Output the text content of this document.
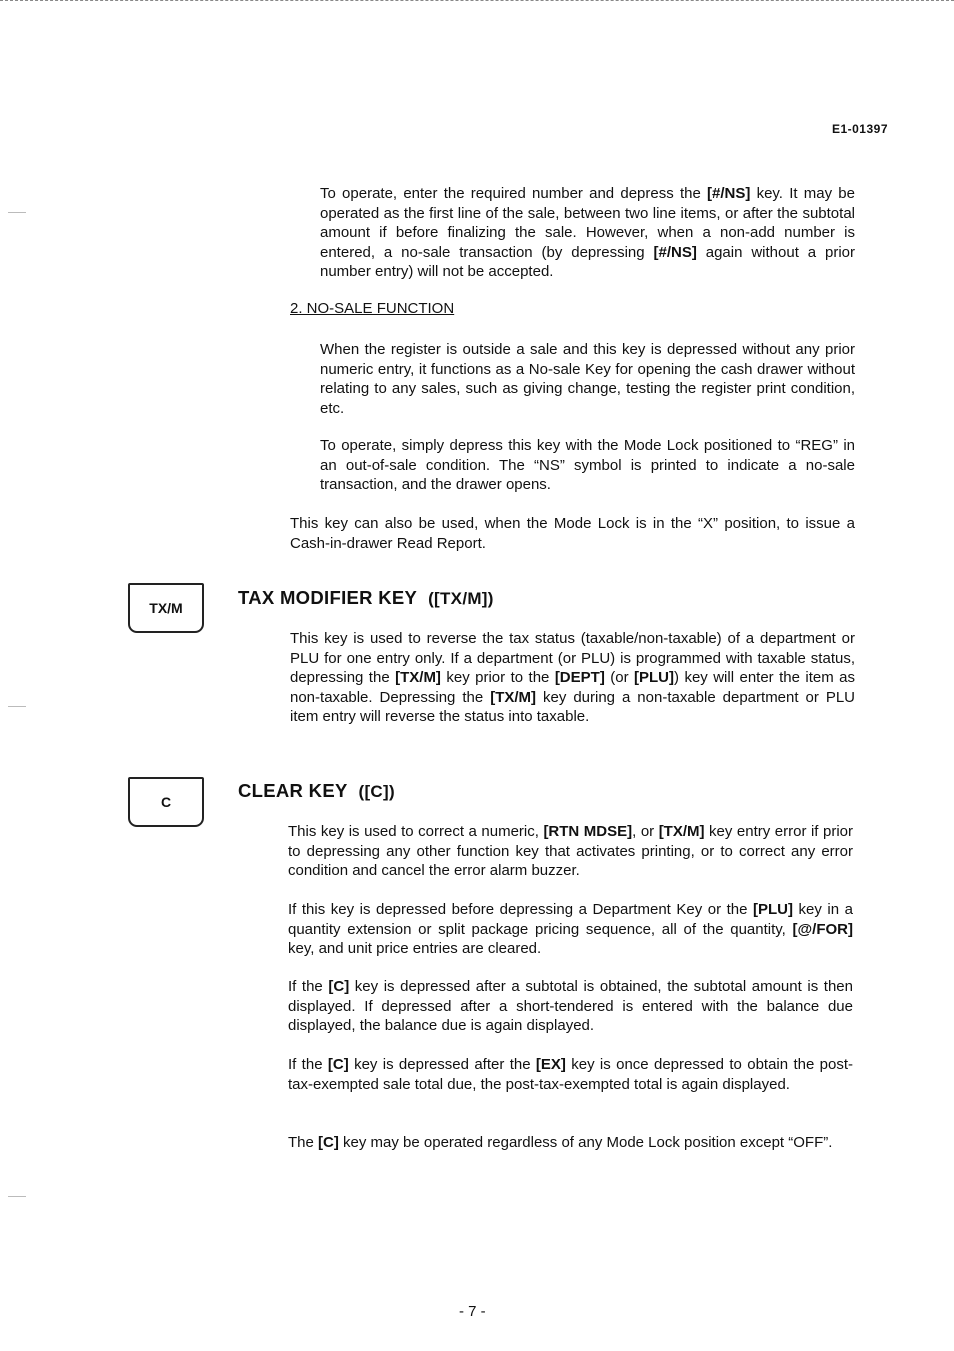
E1-01397

To operate, enter the required number and depress the [#/NS] key. It may be operated as the first line of the sale, between two line items, or after the subtotal amount if before finalizing the sale. However, when a non-add number is entered, a no-sale transaction (by depressing [#/NS] again without a prior number entry) will not be accepted.

2. NO-SALE FUNCTION

When the register is outside a sale and this key is depressed without any prior numeric entry, it functions as a No-sale Key for opening the cash drawer without relating to any sales, such as giving change, testing the register print condition, etc.

To operate, simply depress this key with the Mode Lock positioned to “REG” in an out-of-sale condition. The “NS” symbol is printed to indicate a no-sale transaction, and the drawer opens.

This key can also be used, when the Mode Lock is in the “X” position, to issue a Cash-in-drawer Read Report.

TX/M	TAX MODIFIER KEY ([TX/M])

This key is used to reverse the tax status (taxable/non-taxable) of a department or PLU for one entry only. If a department (or PLU) is programmed with taxable status, depressing the [TX/M] key prior to the [DEPT] (or [PLU]) key will enter the item as non-taxable. Depressing the [TX/M] key during a non-taxable department or PLU item entry will reverse the status into taxable.

C
CLEAR KEY ([C])

This key is used to correct a numeric, [RTN MDSE], or [TX/M] key entry error if prior to depressing any other function key that activates printing, or to correct any error condition and cancel the error alarm buzzer.

If this key is depressed before depressing a Department Key or the [PLU] key in a quantity extension or split package pricing sequence, all of the quantity, [@/FOR] key, and unit price entries are cleared.

If the [C] key is depressed after a subtotal is obtained, the subtotal amount is then displayed. If depressed after a short-tendered is entered with the balance due displayed, the balance due is again displayed.

If the [C] key is depressed after the [EX] key is once depressed to obtain the post-tax-exempted sale total due, the post-tax-exempted total is again displayed.

The [C] key may be operated regardless of any Mode Lock position except “OFF”.

- 7 -
